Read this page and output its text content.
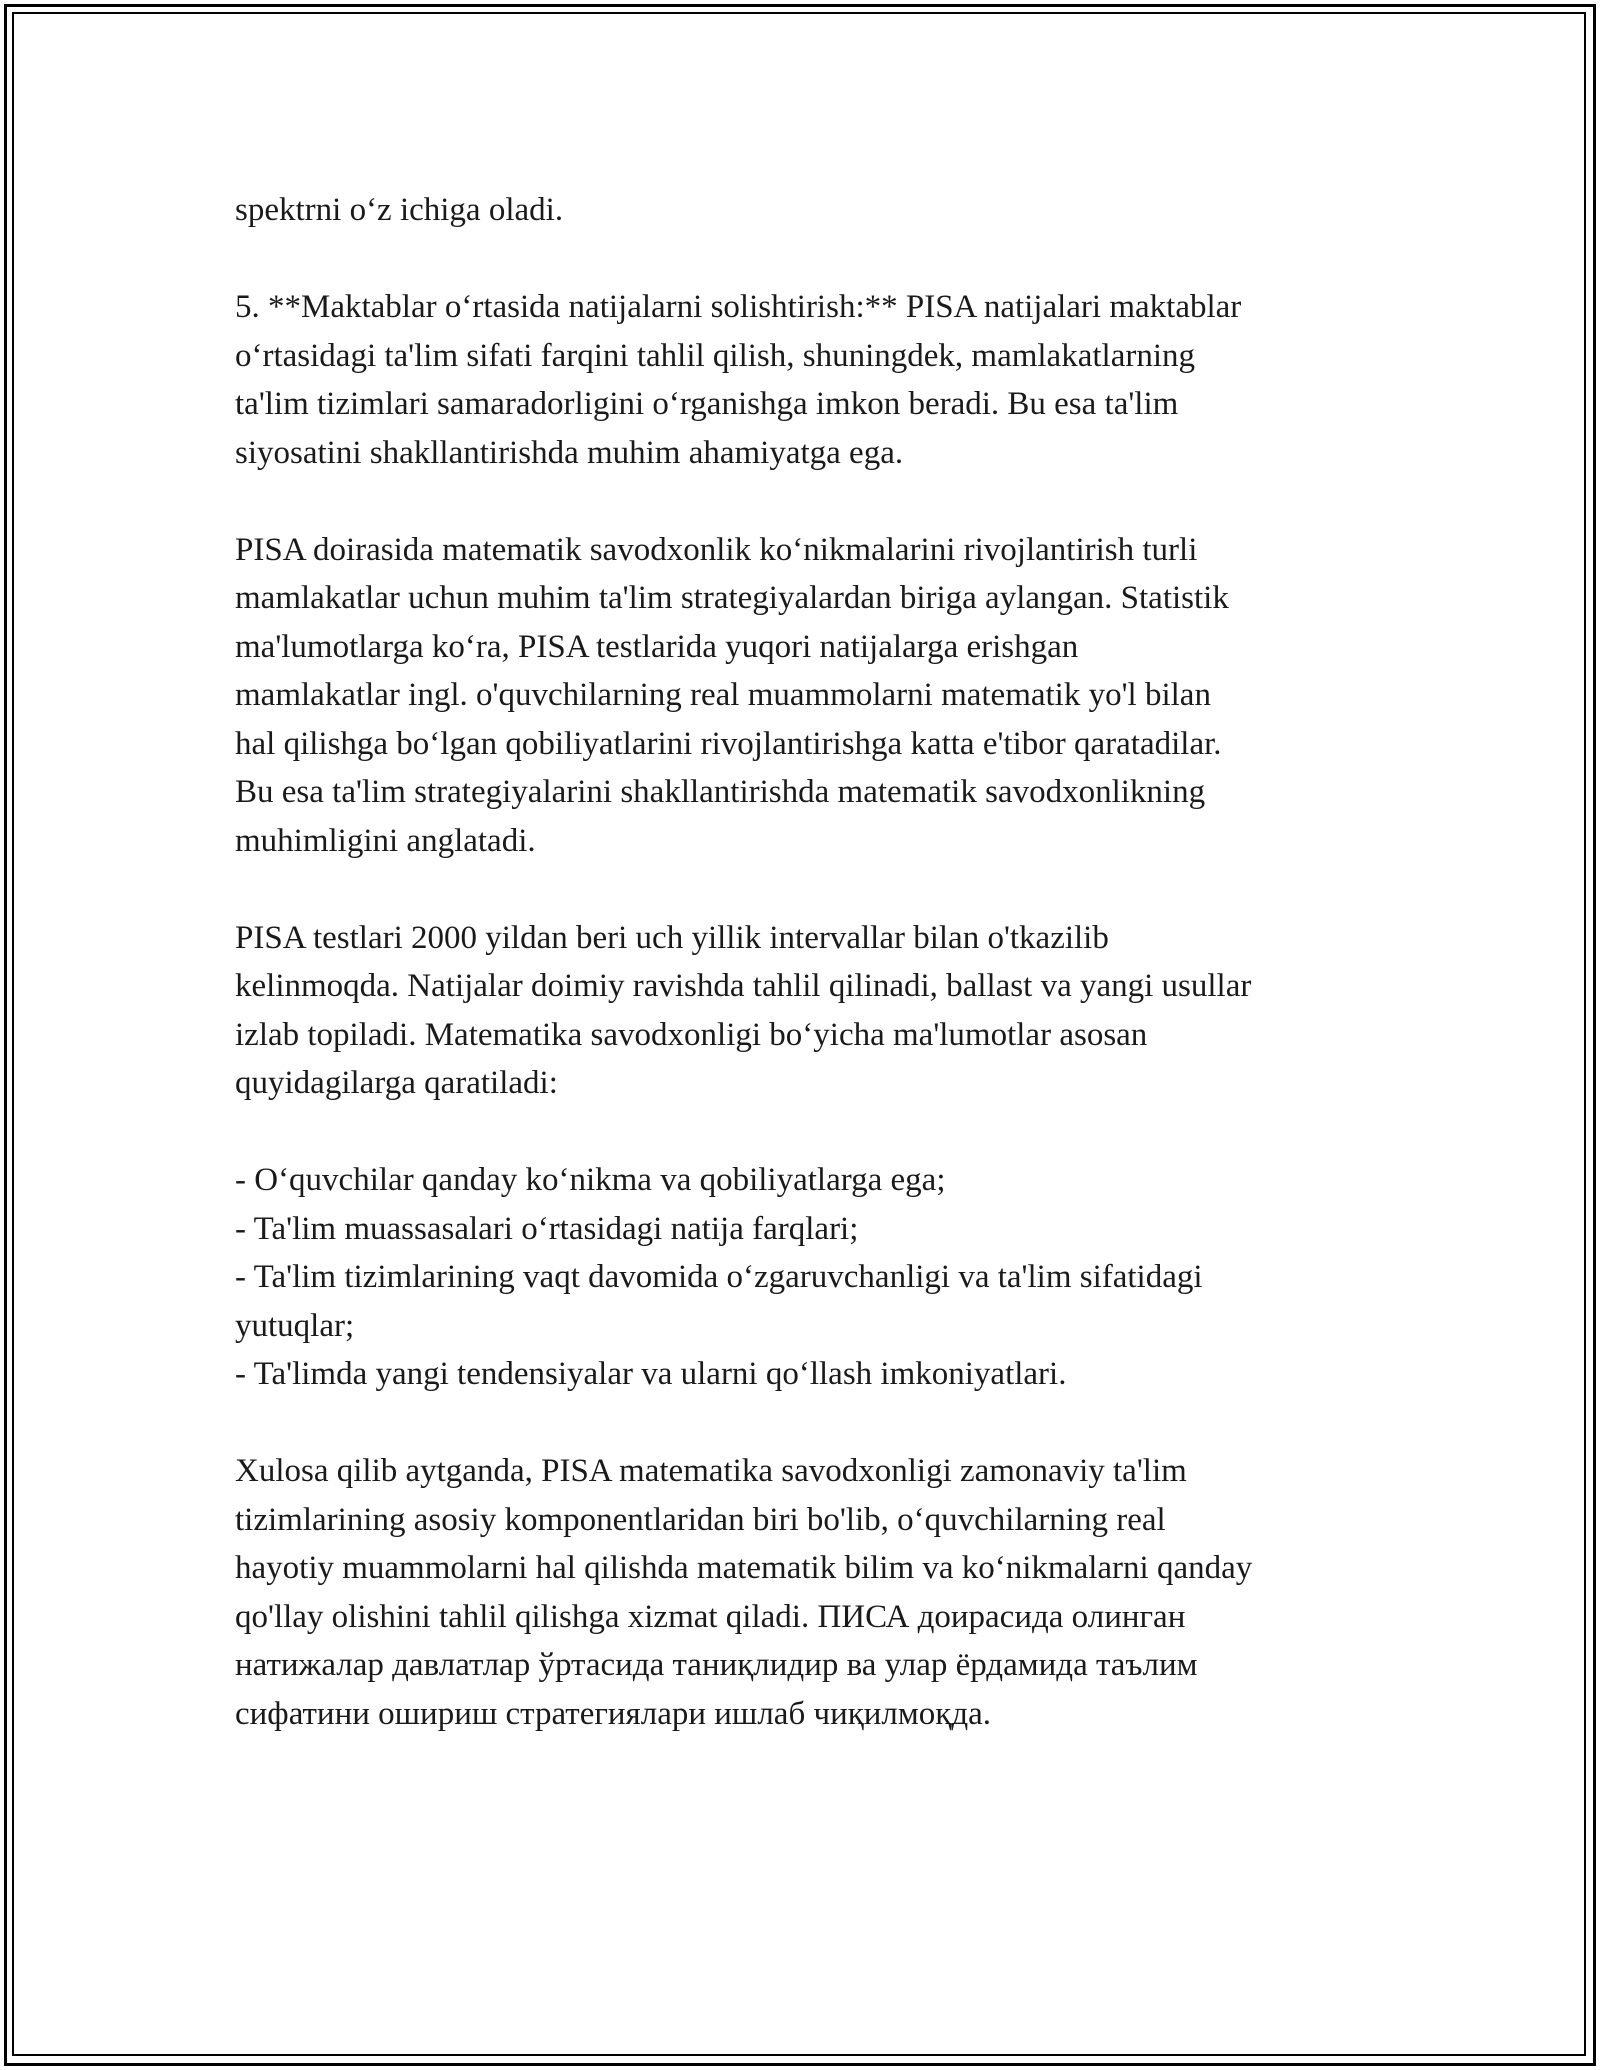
spektrni o‘z ichiga oladi.
5. **Maktablar o‘rtasida natijalarni solishtirish:** PISA natijalari maktablar
o‘rtasidagi ta'lim sifati farqini tahlil qilish, shuningdek, mamlakatlarning
ta'lim tizimlari samaradorligini o‘rganishga imkon beradi. Bu esa ta'lim
siyosatini shakllantirishda muhim ahamiyatga ega.
PISA doirasida matematik savodxonlik ko‘nikmalarini rivojlantirish turli
mamlakatlar uchun muhim ta'lim strategiyalardan biriga aylangan. Statistik
ma'lumotlarga ko‘ra, PISA testlarida yuqori natijalarga erishgan
mamlakatlar ingl. o'quvchilarning real muammolarni matematik yo'l bilan
hal qilishga bo‘lgan qobiliyatlarini rivojlantirishga katta e'tibor qaratadilar.
Bu esa ta'lim strategiyalarini shakllantirishda matematik savodxonlikning
muhimligini anglatadi.
PISA testlari 2000 yildan beri uch yillik intervallar bilan o'tkazilib
kelinmoqda. Natijalar doimiy ravishda tahlil qilinadi, ballast va yangi usullar
izlab topiladi. Matematika savodxonligi bo‘yicha ma'lumotlar asosan
quyidagilarga qaratiladi:
- O‘quvchilar qanday ko‘nikma va qobiliyatlarga ega;
- Ta'lim muassasalari o‘rtasidagi natija farqlari;
- Ta'lim tizimlarining vaqt davomida o‘zgaruvchanligi va ta'lim sifatidagi
yutuqlar;
- Ta'limda yangi tendensiyalar va ularni qo‘llash imkoniyatlari.
Xulosa qilib aytganda, PISA matematika savodxonligi zamonaviy ta'lim
tizimlarining asosiy komponentlaridan biri bo'lib, o‘quvchilarning real
hayotiy muammolarni hal qilishda matematik bilim va ko‘nikmalarni qanday
qo'llay olishini tahlil qilishga xizmat qiladi. ПИСА доирасида олинган
натижалар давлатлар ўртасида таниқлидир ва улар ёрдамида таълим
сифатини ошириш стратегиялари ишлаб чиқилмоқда.
